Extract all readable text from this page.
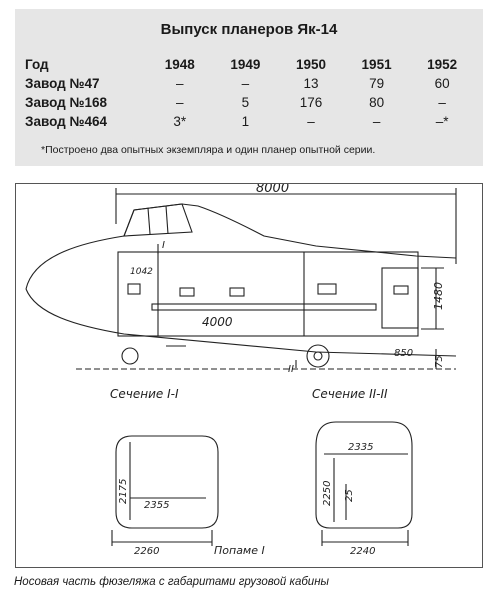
Выпуск планеров Як-14
Год	1948	1949	1950	1951	1952
Завод №47	–	–	13	79	60
Завод №168	–	5	176	80	–
Завод №464	3*	1	–	–	–*
*Построено два опытных экземпляра и один планер опытной серии.
8000
4000
1480
850
75
1042
I
II
Сечение I-I
2175
2355
2260	Попаме I
Сечение II-II
2335
2250 25
2240
Носовая часть фюзеляжа с габаритами грузовой кабины
